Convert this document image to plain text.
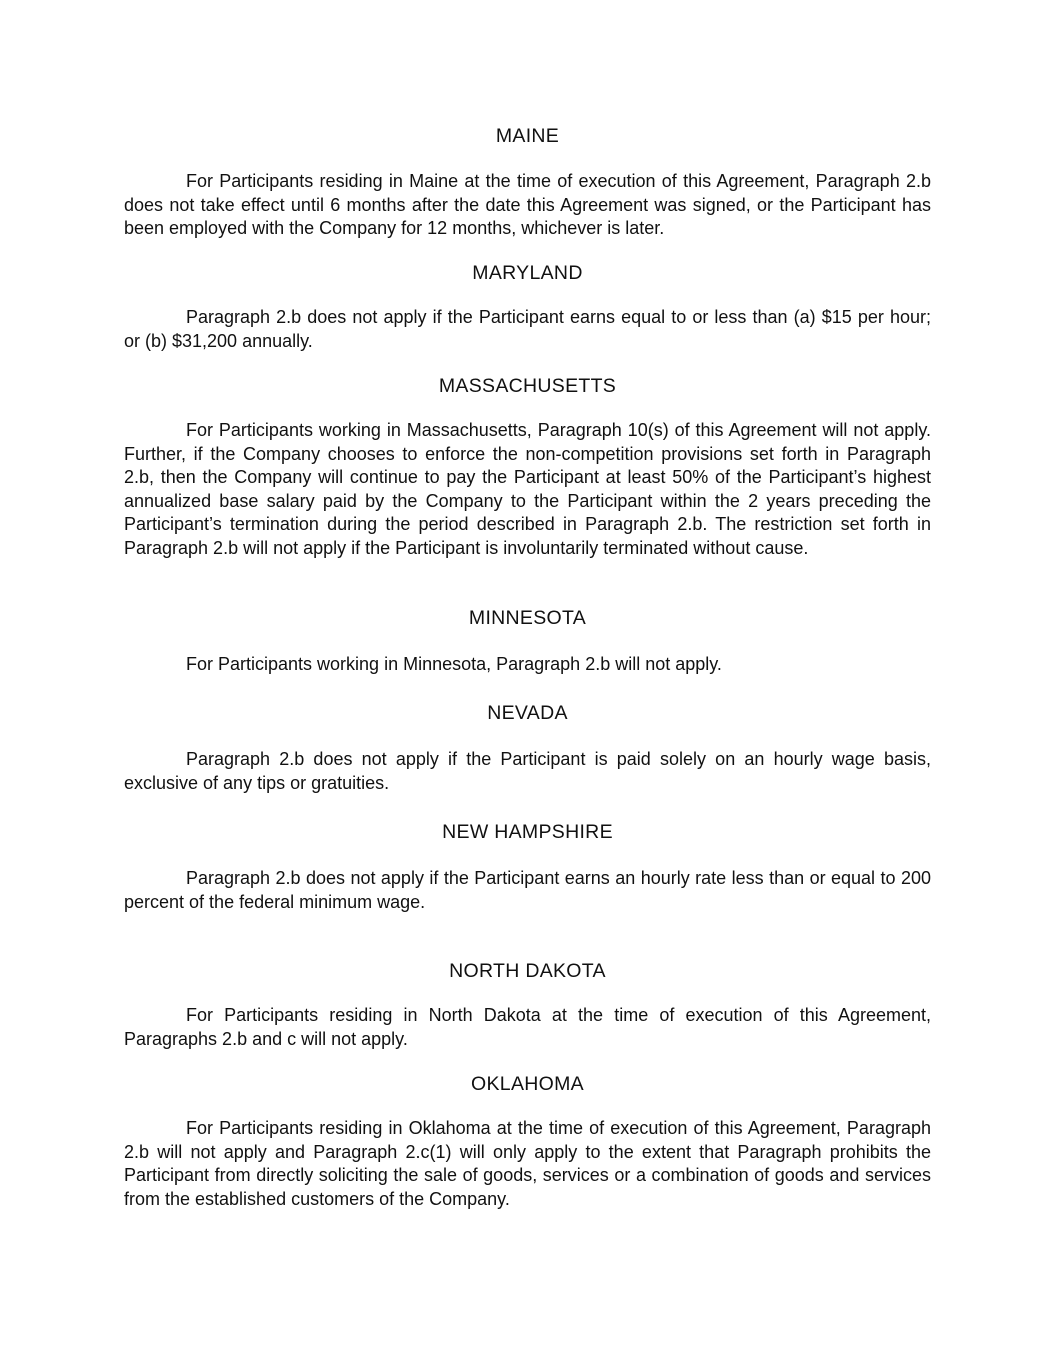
MAINE

For Participants residing in Maine at the time of execution of this Agreement, Paragraph 2.b does not take effect until 6 months after the date this Agreement was signed, or the Participant has been employed with the Company for 12 months, whichever is later.

MARYLAND

Paragraph 2.b does not apply if the Participant earns equal to or less than (a) $15 per hour; or (b) $31,200 annually.

MASSACHUSETTS

For Participants working in Massachusetts, Paragraph 10(s) of this Agreement will not apply. Further, if the Company chooses to enforce the non-competition provisions set forth in Paragraph 2.b, then the Company will continue to pay the Participant at least 50% of the Participant’s highest annualized base salary paid by the Company to the Participant within the 2 years preceding the Participant’s termination during the period described in Paragraph 2.b. The restriction set forth in Paragraph 2.b will not apply if the Participant is involuntarily terminated without cause.

MINNESOTA

For Participants working in Minnesota, Paragraph 2.b will not apply.

NEVADA

Paragraph 2.b does not apply if the Participant is paid solely on an hourly wage basis, exclusive of any tips or gratuities.

NEW HAMPSHIRE

Paragraph 2.b does not apply if the Participant earns an hourly rate less than or equal to 200 percent of the federal minimum wage.

NORTH DAKOTA

For Participants residing in North Dakota at the time of execution of this Agreement, Paragraphs 2.b and c will not apply.

OKLAHOMA

For Participants residing in Oklahoma at the time of execution of this Agreement, Paragraph 2.b will not apply and Paragraph 2.c(1) will only apply to the extent that Paragraph prohibits the Participant from directly soliciting the sale of goods, services or a combination of goods and services from the established customers of the Company.
